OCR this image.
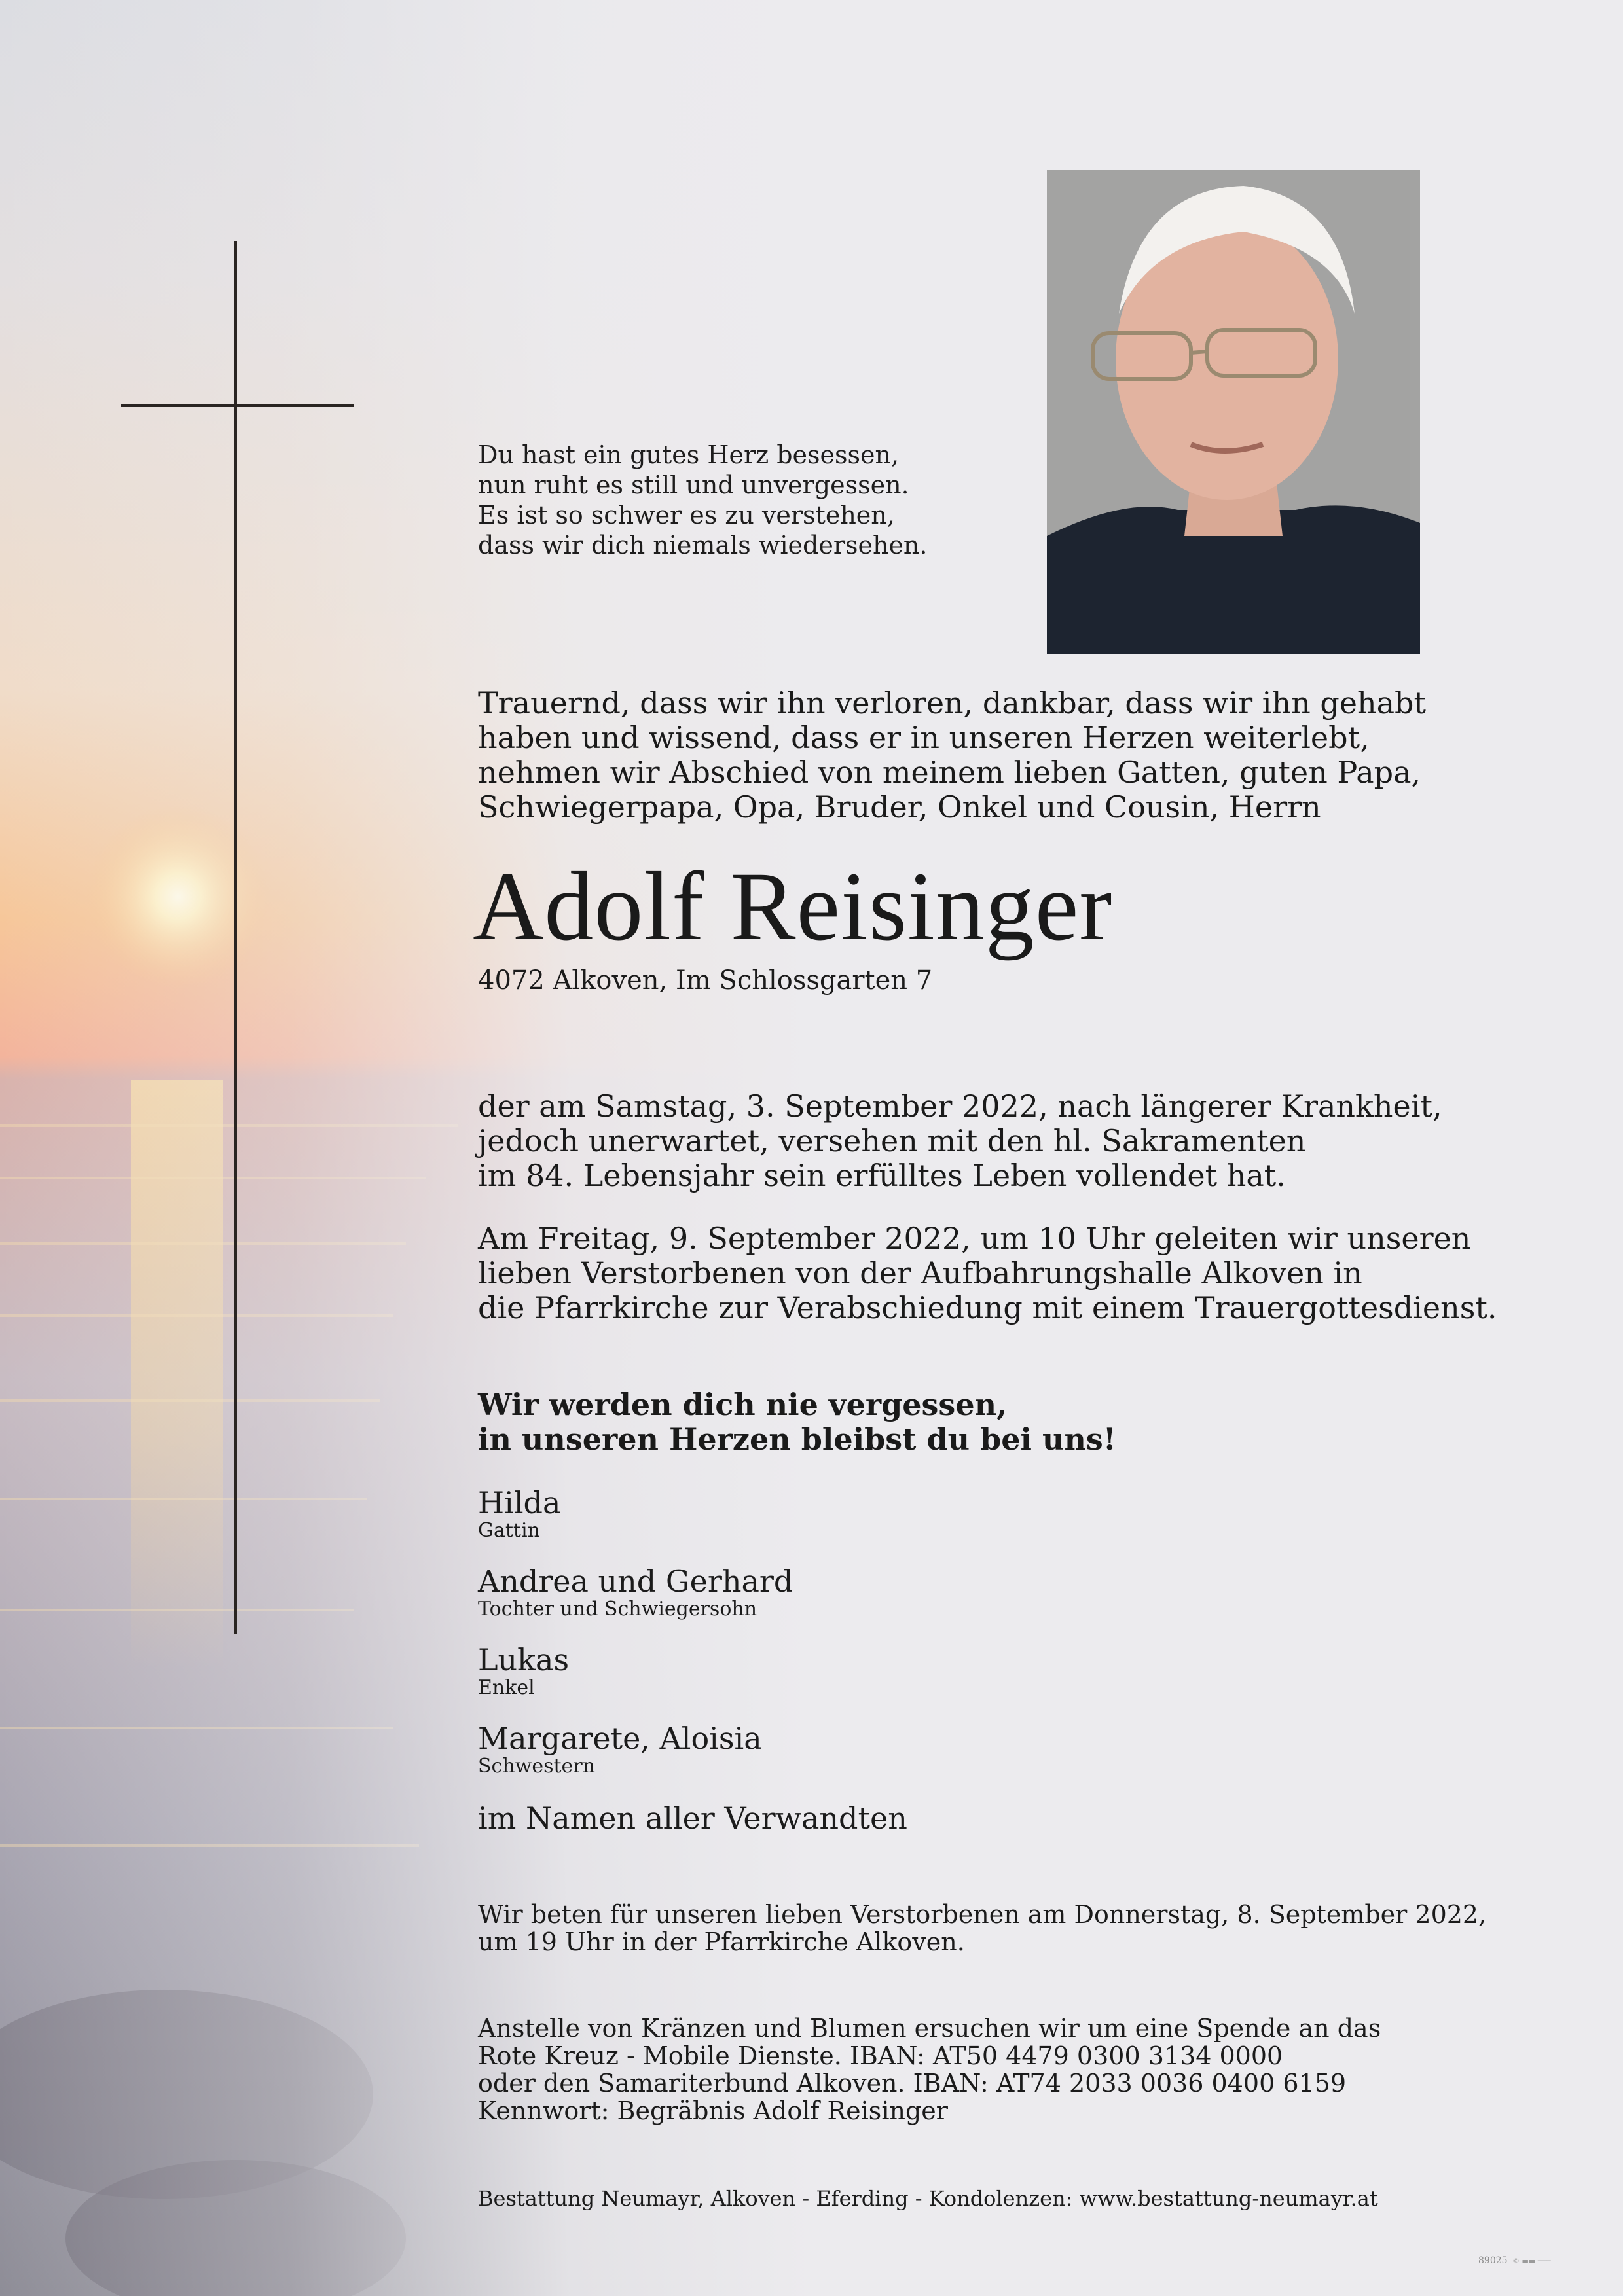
Du hast ein gutes Herz besessen,
nun ruht es still und unvergessen.
Es ist so schwer es zu verstehen,
dass wir dich niemals wiedersehen.
Trauernd, dass wir ihn verloren, dankbar, dass wir ihn gehabt
haben und wissend, dass er in unseren Herzen weiterlebt,
nehmen wir Abschied von meinem lieben Gatten, guten Papa,
Schwiegerpapa, Opa, Bruder, Onkel und Cousin, Herrn
Adolf Reisinger
4072 Alkoven, Im Schlossgarten 7
der am Samstag, 3. September 2022, nach längerer Krankheit,
jedoch unerwartet, versehen mit den hl. Sakramenten
im 84. Lebensjahr sein erfülltes Leben vollendet hat.
Am Freitag, 9. September 2022, um 10 Uhr geleiten wir unseren
lieben Verstorbenen von der Aufbahrungshalle Alkoven in
die Pfarrkirche zur Verabschiedung mit einem Trauergottesdienst.
Wir werden dich nie vergessen,
in unseren Herzen bleibst du bei uns!
Hilda
Gattin
Andrea und Gerhard
Tochter und Schwiegersohn
Lukas
Enkel
Margarete, Aloisia
Schwestern
im Namen aller Verwandten
Wir beten für unseren lieben Verstorbenen am Donnerstag, 8. September 2022,
um 19 Uhr in der Pfarrkirche Alkoven.
Anstelle von Kränzen und Blumen ersuchen wir um eine Spende an das
Rote Kreuz - Mobile Dienste. IBAN: AT50 4479 0300 3134 0000
oder den Samariterbund Alkoven. IBAN: AT74 2033 0036 0400 6159
Kennwort: Begräbnis Adolf Reisinger
Bestattung Neumayr, Alkoven - Eferding - Kondolenzen: www.bestattung-neumayr.at
89025 © ▬▬ ───
